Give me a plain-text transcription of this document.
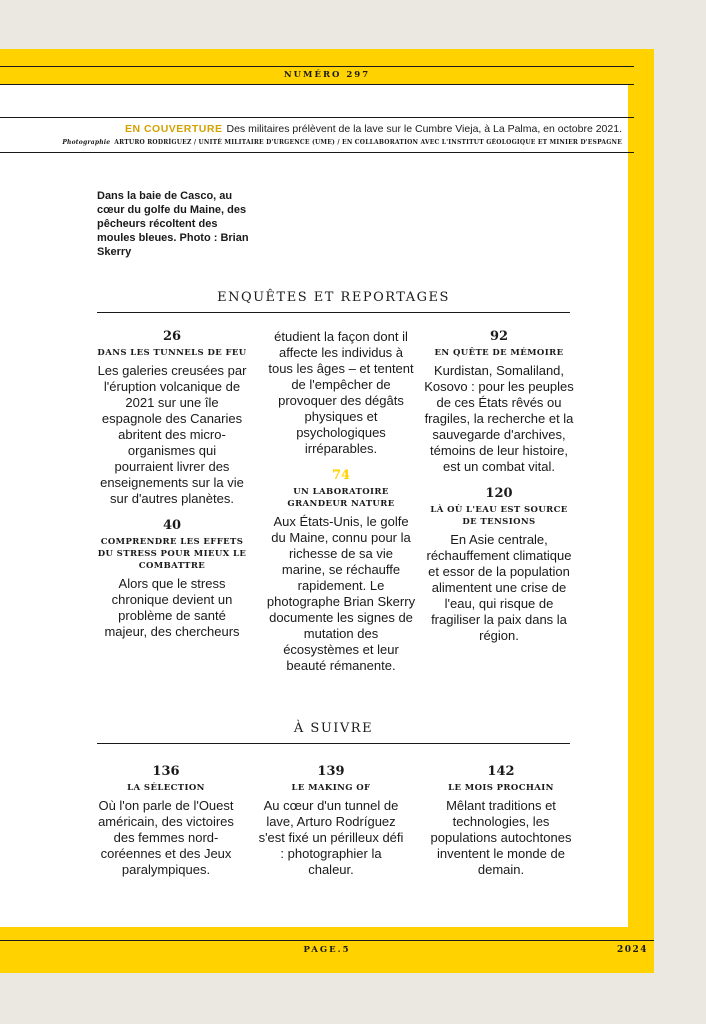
NUMÉRO 297
EN COUVERTURE Des militaires prélèvent de la lave sur le Cumbre Vieja, à La Palma, en octobre 2021.
Photographie ARTURO RODRÍGUEZ / UNITÉ MILITAIRE D'URGENCE (UME) / EN COLLABORATION AVEC L'INSTITUT GÉOLOGIQUE ET MINIER D'ESPAGNE
Dans la baie de Casco, au cœur du golfe du Maine, des pêcheurs récoltent des moules bleues. Photo : Brian Skerry
ENQUÊTES ET REPORTAGES
26
DANS LES TUNNELS DE FEU
Les galeries creusées par l'éruption volcanique de 2021 sur une île espagnole des Canaries abritent des micro-organismes qui pourraient livrer des enseignements sur la vie sur d'autres planètes.
40
COMPRENDRE LES EFFETS DU STRESS POUR MIEUX LE COMBATTRE
Alors que le stress chronique devient un problème de santé majeur, des chercheurs
étudient la façon dont il affecte les individus à tous les âges – et tentent de l'empêcher de provoquer des dégâts physiques et psychologiques irréparables.
74
UN LABORATOIRE GRANDEUR NATURE
Aux États-Unis, le golfe du Maine, connu pour la richesse de sa vie marine, se réchauffe rapidement. Le photographe Brian Skerry documente les signes de mutation des écosystèmes et leur beauté rémanente.
92
EN QUÊTE DE MÉMOIRE
Kurdistan, Somaliland, Kosovo : pour les peuples de ces États rêvés ou fragiles, la recherche et la sauvegarde d'archives, témoins de leur histoire, est un combat vital.
120
LÀ OÙ L'EAU EST SOURCE DE TENSIONS
En Asie centrale, réchauffement climatique et essor de la population alimentent une crise de l'eau, qui risque de fragiliser la paix dans la région.
À SUIVRE
136
LA SÉLECTION
Où l'on parle de l'Ouest américain, des victoires des femmes nord-coréennes et des Jeux paralympiques.
139
LE MAKING OF
Au cœur d'un tunnel de lave, Arturo Rodríguez s'est fixé un périlleux défi : photographier la chaleur.
142
LE MOIS PROCHAIN
Mêlant traditions et technologies, les populations autochtones inventent le monde de demain.
PAGE.5	2024
